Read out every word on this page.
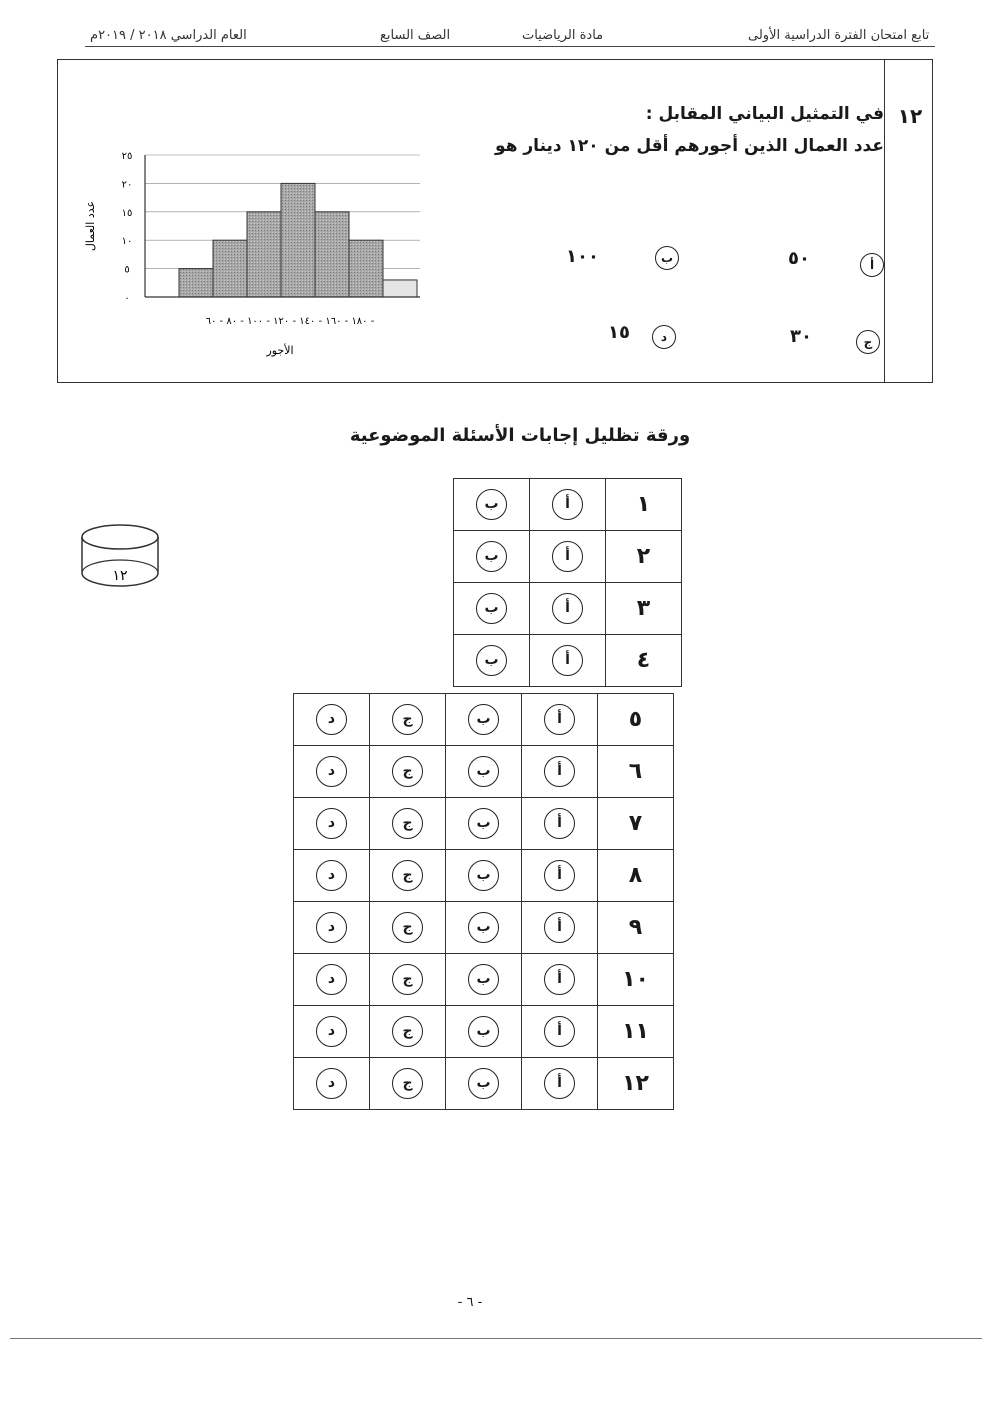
تابع امتحان الفترة الدراسية الأولى
مادة الرياضيات
الصف السابع
العام الدراسي ٢٠١٨ / ٢٠١٩م
١٢
في التمثيل البياني المقابل :
عدد العمال الذين أجورهم أقل من ١٢٠ دينار هو
أ
٥٠
ب
١٠٠
ج
٣٠
د
١٥
٠
٥
١٠
١٥
٢٠
٢٥
عدد العمال
١٨٠ - ١٦٠ - ١٤٠ - ١٢٠ - ١٠٠ - ٨٠ - ٦٠ -
الأجور
ورقة تظليل إجابات الأسئلة الموضوعية
ب	أ	١
ب	أ	٢
ب	أ	٣
ب	أ	٤
د	ج	ب	أ	٥
د	ج	ب	أ	٦
د	ج	ب	أ	٧
د	ج	ب	أ	٨
د	ج	ب	أ	٩
د	ج	ب	أ	١٠
د	ج	ب	أ	١١
د	ج	ب	أ	١٢
١٢
- ٦ -
